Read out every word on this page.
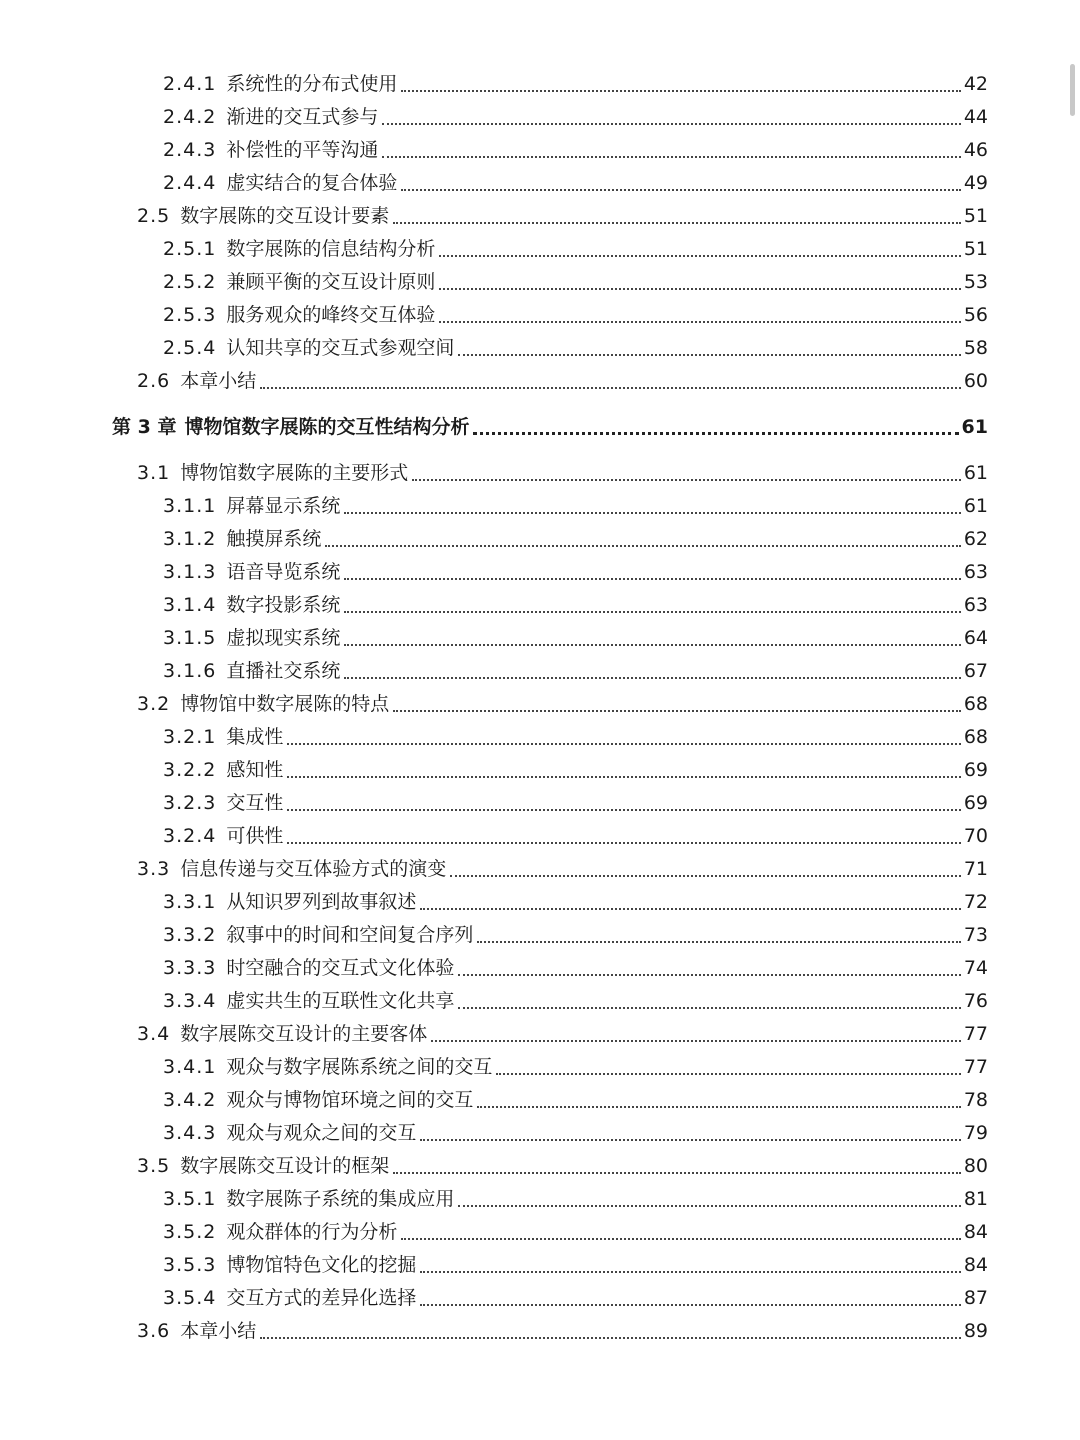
2.4.1 系统性的分布式使用	42
2.4.2 渐进的交互式参与	44
2.4.3 补偿性的平等沟通	46
2.4.4 虚实结合的复合体验	49
2.5 数字展陈的交互设计要素	51
2.5.1 数字展陈的信息结构分析	51
2.5.2 兼顾平衡的交互设计原则	53
2.5.3 服务观众的峰终交互体验	56
2.5.4 认知共享的交互式参观空间	58
2.6 本章小结	60
第 3 章 博物馆数字展陈的交互性结构分析	61
3.1 博物馆数字展陈的主要形式	61
3.1.1 屏幕显示系统	61
3.1.2 触摸屏系统	62
3.1.3 语音导览系统	63
3.1.4 数字投影系统	63
3.1.5 虚拟现实系统	64
3.1.6 直播社交系统	67
3.2 博物馆中数字展陈的特点	68
3.2.1 集成性	68
3.2.2 感知性	69
3.2.3 交互性	69
3.2.4 可供性	70
3.3 信息传递与交互体验方式的演变	71
3.3.1 从知识罗列到故事叙述	72
3.3.2 叙事中的时间和空间复合序列	73
3.3.3 时空融合的交互式文化体验	74
3.3.4 虚实共生的互联性文化共享	76
3.4 数字展陈交互设计的主要客体	77
3.4.1 观众与数字展陈系统之间的交互	77
3.4.2 观众与博物馆环境之间的交互	78
3.4.3 观众与观众之间的交互	79
3.5 数字展陈交互设计的框架	80
3.5.1 数字展陈子系统的集成应用	81
3.5.2 观众群体的行为分析	84
3.5.3 博物馆特色文化的挖掘	84
3.5.4 交互方式的差异化选择	87
3.6 本章小结	89
